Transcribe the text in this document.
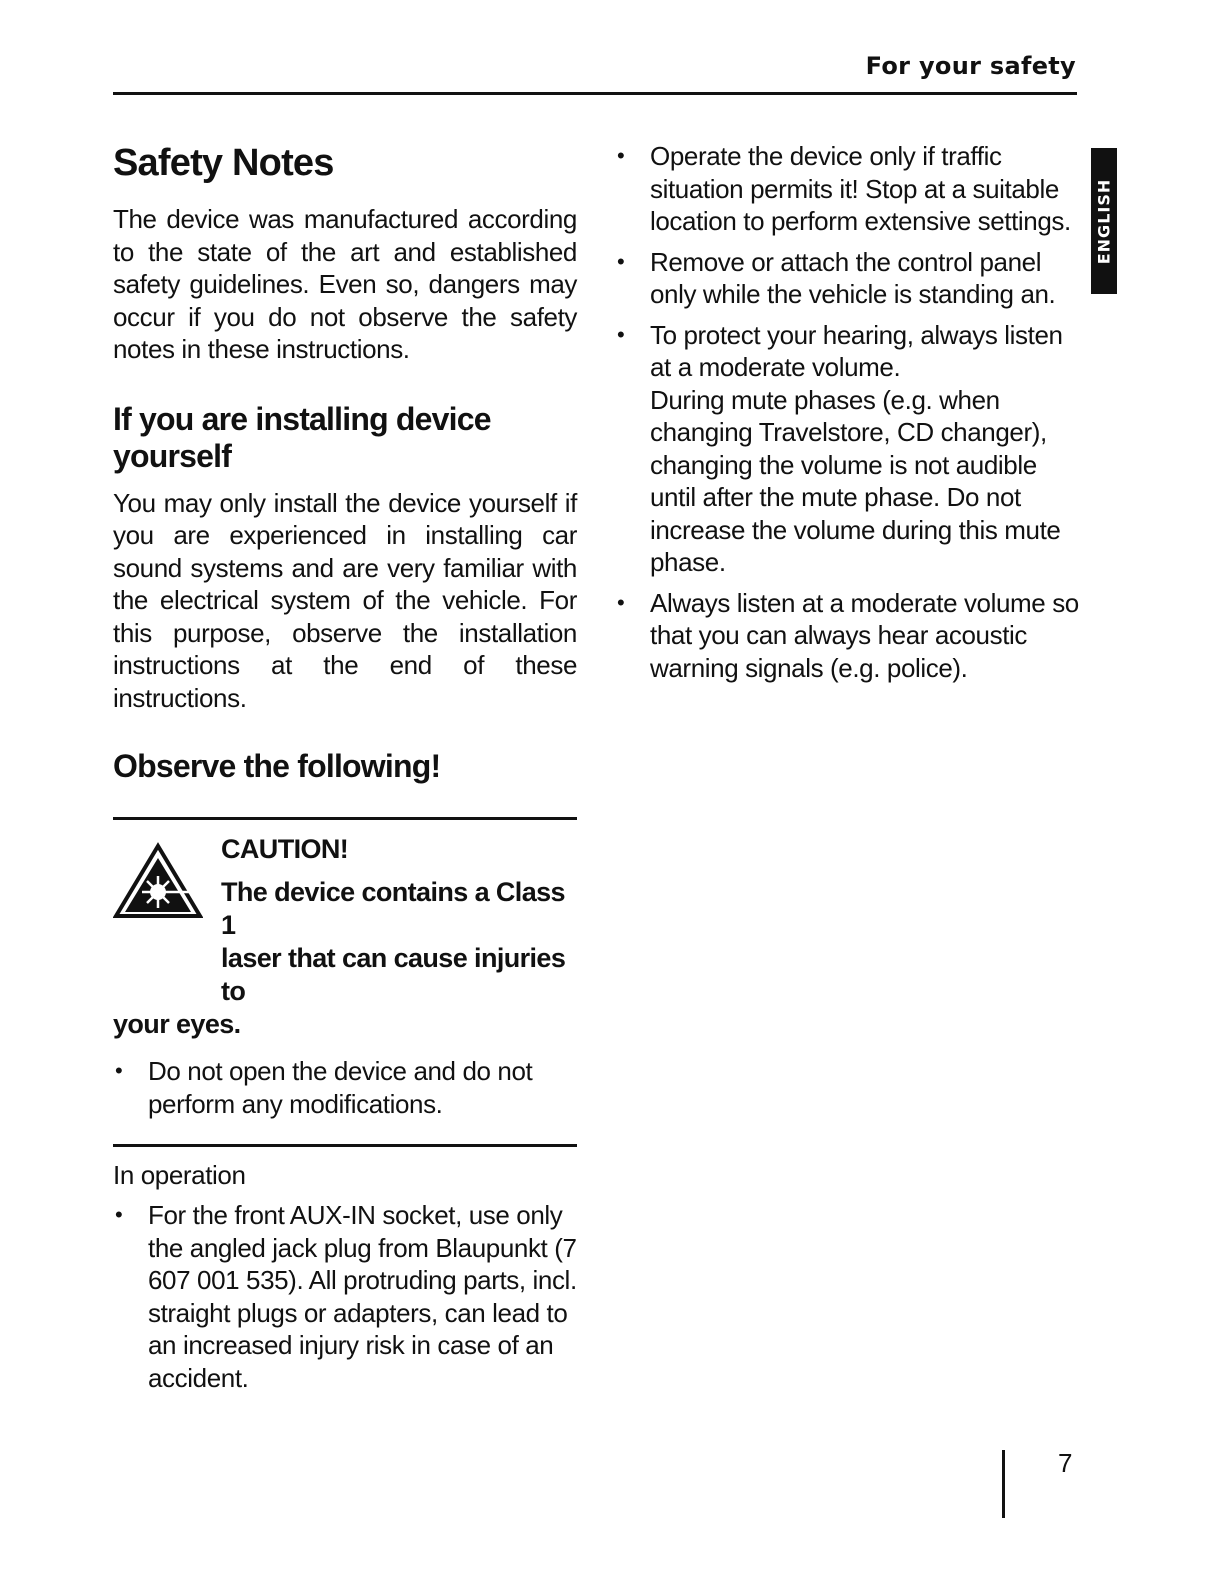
For your safety
ENGLISH
Safety Notes

The device was manufactured according to the state of the art and established safety guidelines. Even so, dangers may occur if you do not observe the safety notes in these instructions.

If you are installing device yourself

You may only install the device yourself if you are experienced in installing car sound systems and are very familiar with the electrical system of the vehicle. For this purpose, observe the installation instructions at the end of these instructions.

Observe the following!
CAUTION!
The device contains a Class 1
laser that can cause injuries to
your eyes.
• Do not open the device and do not perform any modifications.
In operation
• For the front AUX-IN socket, use only the angled jack plug from Blaupunkt (7 607 001 535). All protruding parts, incl. straight plugs or adapters, can lead to an increased injury risk in case of an accident.
• Operate the device only if traffic situation permits it! Stop at a suitable location to perform extensive settings.
• Remove or attach the control panel only while the vehicle is standing an.
• To protect your hearing, always listen at a moderate volume.
During mute phases (e.g. when changing Travelstore, CD changer), changing the volume is not audible until after the mute phase. Do not increase the volume during this mute phase.
• Always listen at a moderate volume so that you can always hear acoustic warning signals (e.g. police).
7
